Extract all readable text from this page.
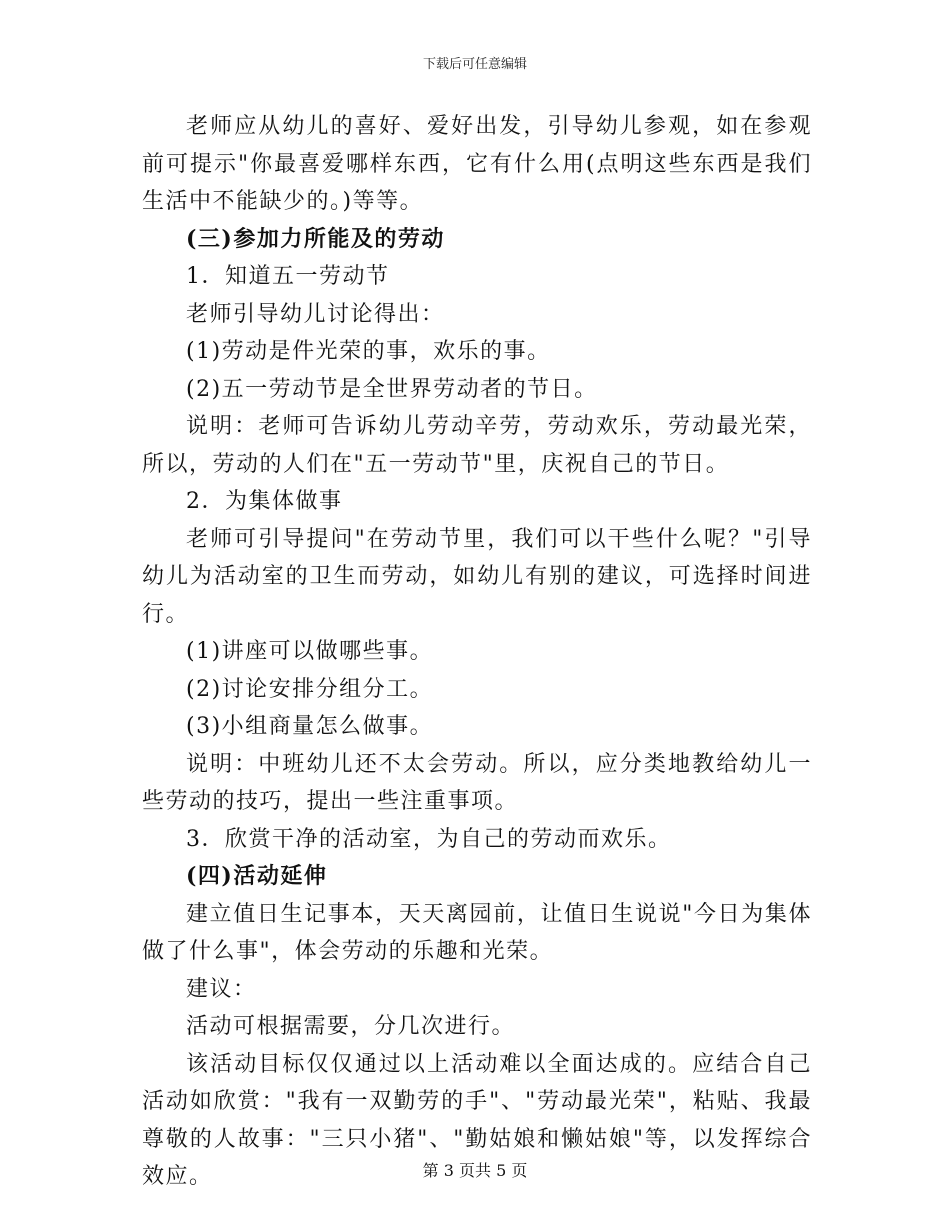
下载后可任意编辑

老师应从幼儿的喜好、爱好出发，引导幼儿参观，如在参观前可提示"你最喜爱哪样东西，它有什么用(点明这些东西是我们生活中不能缺少的。)等等。

(三)参加力所能及的劳动

1．知道五一劳动节

老师引导幼儿讨论得出：

(1)劳动是件光荣的事，欢乐的事。

(2)五一劳动节是全世界劳动者的节日。

说明：老师可告诉幼儿劳动辛劳，劳动欢乐，劳动最光荣，所以，劳动的人们在"五一劳动节"里，庆祝自己的节日。

2．为集体做事

老师可引导提问"在劳动节里，我们可以干些什么呢？"引导幼儿为活动室的卫生而劳动，如幼儿有别的建议，可选择时间进行。

(1)讲座可以做哪些事。

(2)讨论安排分组分工。

(3)小组商量怎么做事。

说明：中班幼儿还不太会劳动。所以，应分类地教给幼儿一些劳动的技巧，提出一些注重事项。

3．欣赏干净的活动室，为自己的劳动而欢乐。

(四)活动延伸

建立值日生记事本，天天离园前，让值日生说说"今日为集体做了什么事"，体会劳动的乐趣和光荣。

建议：

活动可根据需要，分几次进行。

该活动目标仅仅通过以上活动难以全面达成的。应结合自己活动如欣赏："我有一双勤劳的手"、"劳动最光荣"，粘贴、我最尊敬的人故事："三只小猪"、"勤姑娘和懒姑娘"等，以发挥综合效应。	第 3 页共 5 页
